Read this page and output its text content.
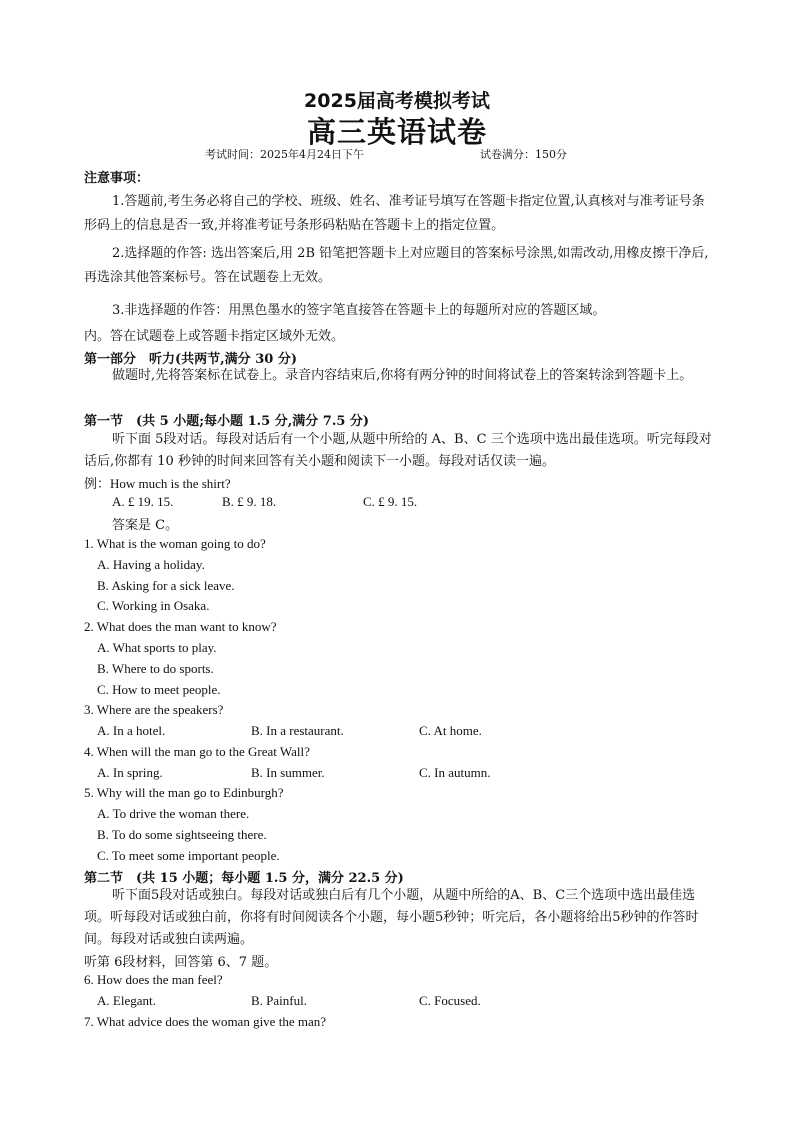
2025届高考模拟考试
高三英语试卷
考试时间：2025年4月24日下午	试卷满分：150分
注意事项：
1.答题前,考生务必将自己的学校、班级、姓名、准考证号填写在答题卡指定位置,认真核对与准考证号条形码上的信息是否一致,并将准考证号条形码粘贴在答题卡上的指定位置。
2.选择题的作答: 选出答案后,用 2B 铅笔把答题卡上对应题目的答案标号涂黑,如需改动,用橡皮擦干净后,再选涂其他答案标号。答在试题卷上无效。
3.非选择题的作答：用黑色墨水的签字笔直接答在答题卡上的每题所对应的答题区域。
内。答在试题卷上或答题卡指定区域外无效。
第一部分　听力(共两节,满分 30 分)
做题时,先将答案标在试卷上。录音内容结束后,你将有两分钟的时间将试卷上的答案转涂到答题卡上。
第一节　(共 5 小题;每小题 1.5 分,满分 7.5 分)
听下面 5段对话。每段对话后有一个小题,从题中所给的 A、B、C 三个选项中选出最佳选项。听完每段对话后,你都有 10 秒钟的时间来回答有关小题和阅读下一小题。每段对话仅读一遍。
例：How much is the shirt?
A. £ 19. 15.	B. £ 9. 18.	C. £ 9. 15.
答案是 C。
1. What is the woman going to do?
A. Having a holiday.
B. Asking for a sick leave.
C. Working in Osaka.
2. What does the man want to know?
A. What sports to play.
B. Where to do sports.
C. How to meet people.
3. Where are the speakers?
A. In a hotel.	B. In a restaurant.	C. At home.
4. When will the man go to the Great Wall?
A. In spring.	B. In summer.	C. In autumn.
5. Why will the man go to Edinburgh?
A. To drive the woman there.
B. To do some sightseeing there.
C. To meet some important people.
第二节　(共 15 小题；每小题 1.5 分，满分 22.5 分)
听下面5段对话或独白。每段对话或独白后有几个小题，从题中所给的A、B、C三个选项中选出最佳选项。听每段对话或独白前，你将有时间阅读各个小题，每小题5秒钟；听完后，各小题将给出5秒钟的作答时间。每段对话或独白读两遍。
听第 6段材料，回答第 6、7 题。
6. How does the man feel?
A. Elegant.	B. Painful.	C. Focused.
7. What advice does the woman give the man?
